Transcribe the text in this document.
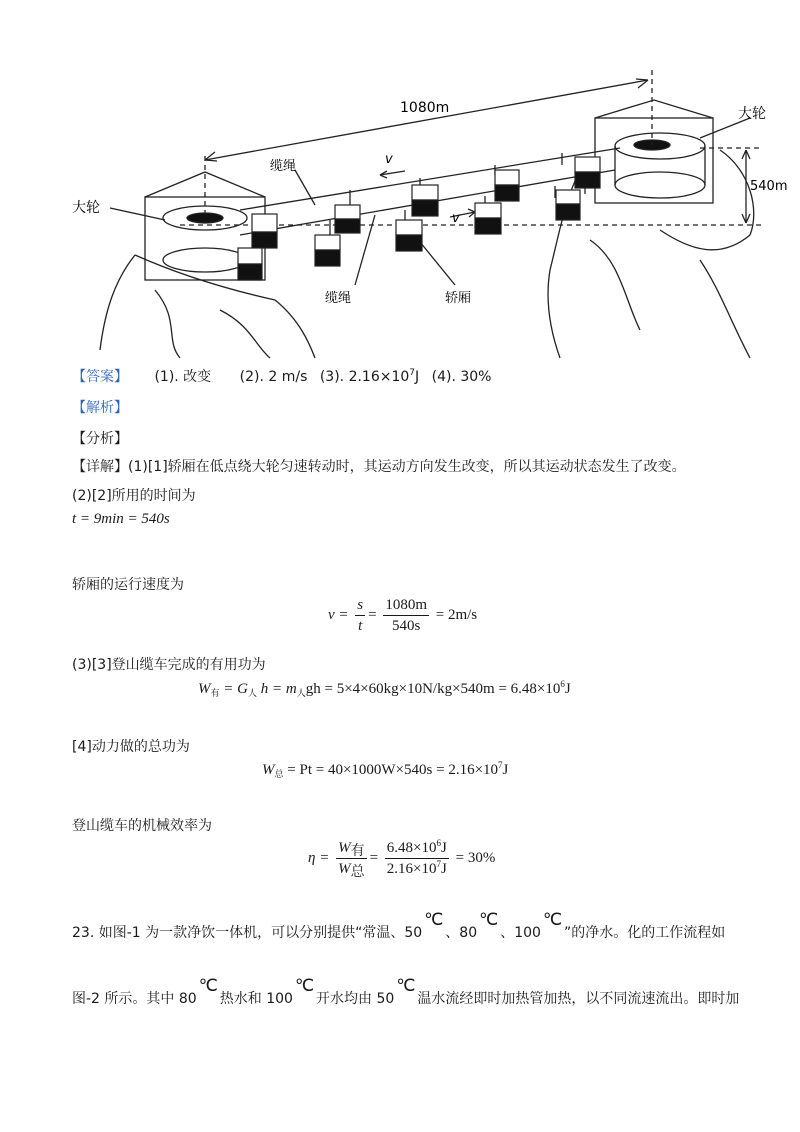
1080m
540m
大轮
大轮
缆绳
缆绳	轿厢
v
v
【答案】 (1). 改变 (2). 2 m/s (3). $2.16\times 10^7J$ (4). 30%
【解析】
【分析】
【详解】(1)[1]轿厢在低点绕大轮匀速转动时，其运动方向发生改变，所以其运动状态发生了改变。
(2)[2]所用的时间为
t = 9min = 540s
轿厢的运行速度为
$v = \frac{s}{t} = \frac{1080m}{540s} = 2m/s$
(3)[3]登山缆车完成的有用功为
$W_有 = G_人$ $h = m_人gh = 5\times 4\times 60kg\times 10N/kg\times 540m = 6.48\times 10^6J$
[4]动力做的总功为
$W_总 = Pt = 40\times 1000W\times 540s = 2.16\times 10^7J$
登山缆车的机械效率为
$\eta = \frac{W_有}{W_总} = \frac{6.48\times 10^6J}{2.16\times 10^7J} = 30\%$
23. 如图-1 为一款净饮一体机，可以分别提供“常温、50℃、80℃、100℃”的净水。化的工作流程如
图-2 所示。其中 80℃热水和 100℃开水均由 50℃温水流经即时加热管加热，以不同流速流出。即时加
